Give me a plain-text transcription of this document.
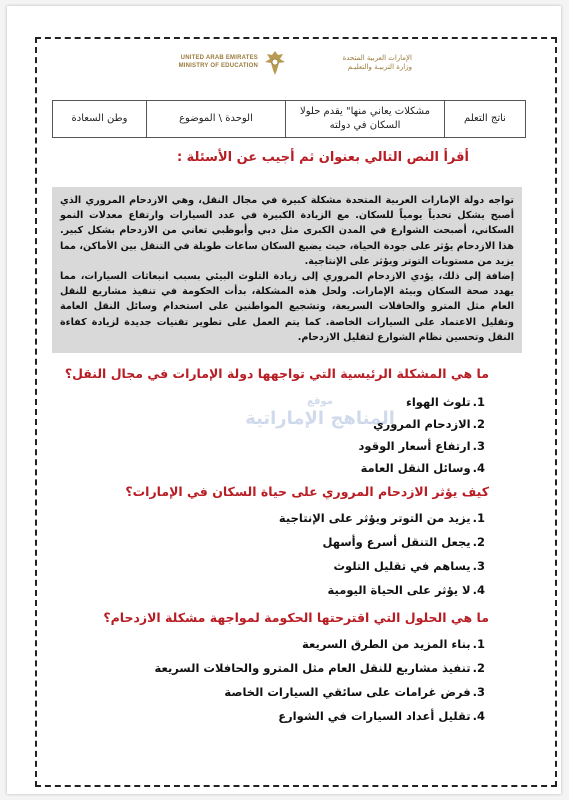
UNITED ARAB EMIRATES
MINISTRY OF EDUCATION
الإمارات العربية المتحدة
وزارة التربيـة والتعليـم
ناتج التعلم	مشكلات يعاني منها" يقدم حلولا السكان في دولته	الوحدة \ الموضوع	وطن السعادة
أقرأ النص التالي بعنوان ثم أجيب عن الأسئلة :

تواجه دولة الإمارات العربية المتحدة مشكلة كبيرة في مجال النقل، وهي الازدحام المروري الذي أصبح يشكل تحدياً يومياً للسكان. مع الزيادة الكبيرة في عدد السيارات وارتفاع معدلات النمو السكاني، أصبحت الشوارع في المدن الكبرى مثل دبي وأبوظبي تعاني من الازدحام بشكل كبير. هذا الازدحام يؤثر على جودة الحياة، حيث يضيع السكان ساعات طويلة في التنقل بين الأماكن، مما يزيد من مستويات التوتر ويؤثر على الإنتاجية.

إضافة إلى ذلك، يؤدي الازدحام المروري إلى زيادة التلوث البيئي بسبب انبعاثات السيارات، مما يهدد صحة السكان وبيئة الإمارات. ولحل هذه المشكلة، بدأت الحكومة في تنفيذ مشاريع للنقل العام مثل المترو والحافلات السريعة، وتشجيع المواطنين على استخدام وسائل النقل العامة وتقليل الاعتماد على السيارات الخاصة. كما يتم العمل على تطوير تقنيات جديدة لزيادة كفاءة النقل وتحسين نظام الشوارع لتقليل الازدحام.

موقع
المناهج الإماراتية
ما هي المشكلة الرئيسية التي تواجهها دولة الإمارات في مجال النقل؟
1.تلوث الهواء
2.الازدحام المروري
3.ارتفاع أسعار الوقود
4.وسائل النقل العامة
كيف يؤثر الازدحام المروري على حياة السكان في الإمارات؟
1.يزيد من التوتر ويؤثر على الإنتاجية
2.يجعل التنقل أسرع وأسهل
3.يساهم في تقليل التلوث
4.لا يؤثر على الحياة اليومية
ما هي الحلول التي اقترحتها الحكومة لمواجهة مشكلة الازدحام؟
1.بناء المزيد من الطرق السريعة
2.تنفيذ مشاريع للنقل العام مثل المترو والحافلات السريعة
3.فرض غرامات على سائقي السيارات الخاصة
4.تقليل أعداد السيارات في الشوارع
